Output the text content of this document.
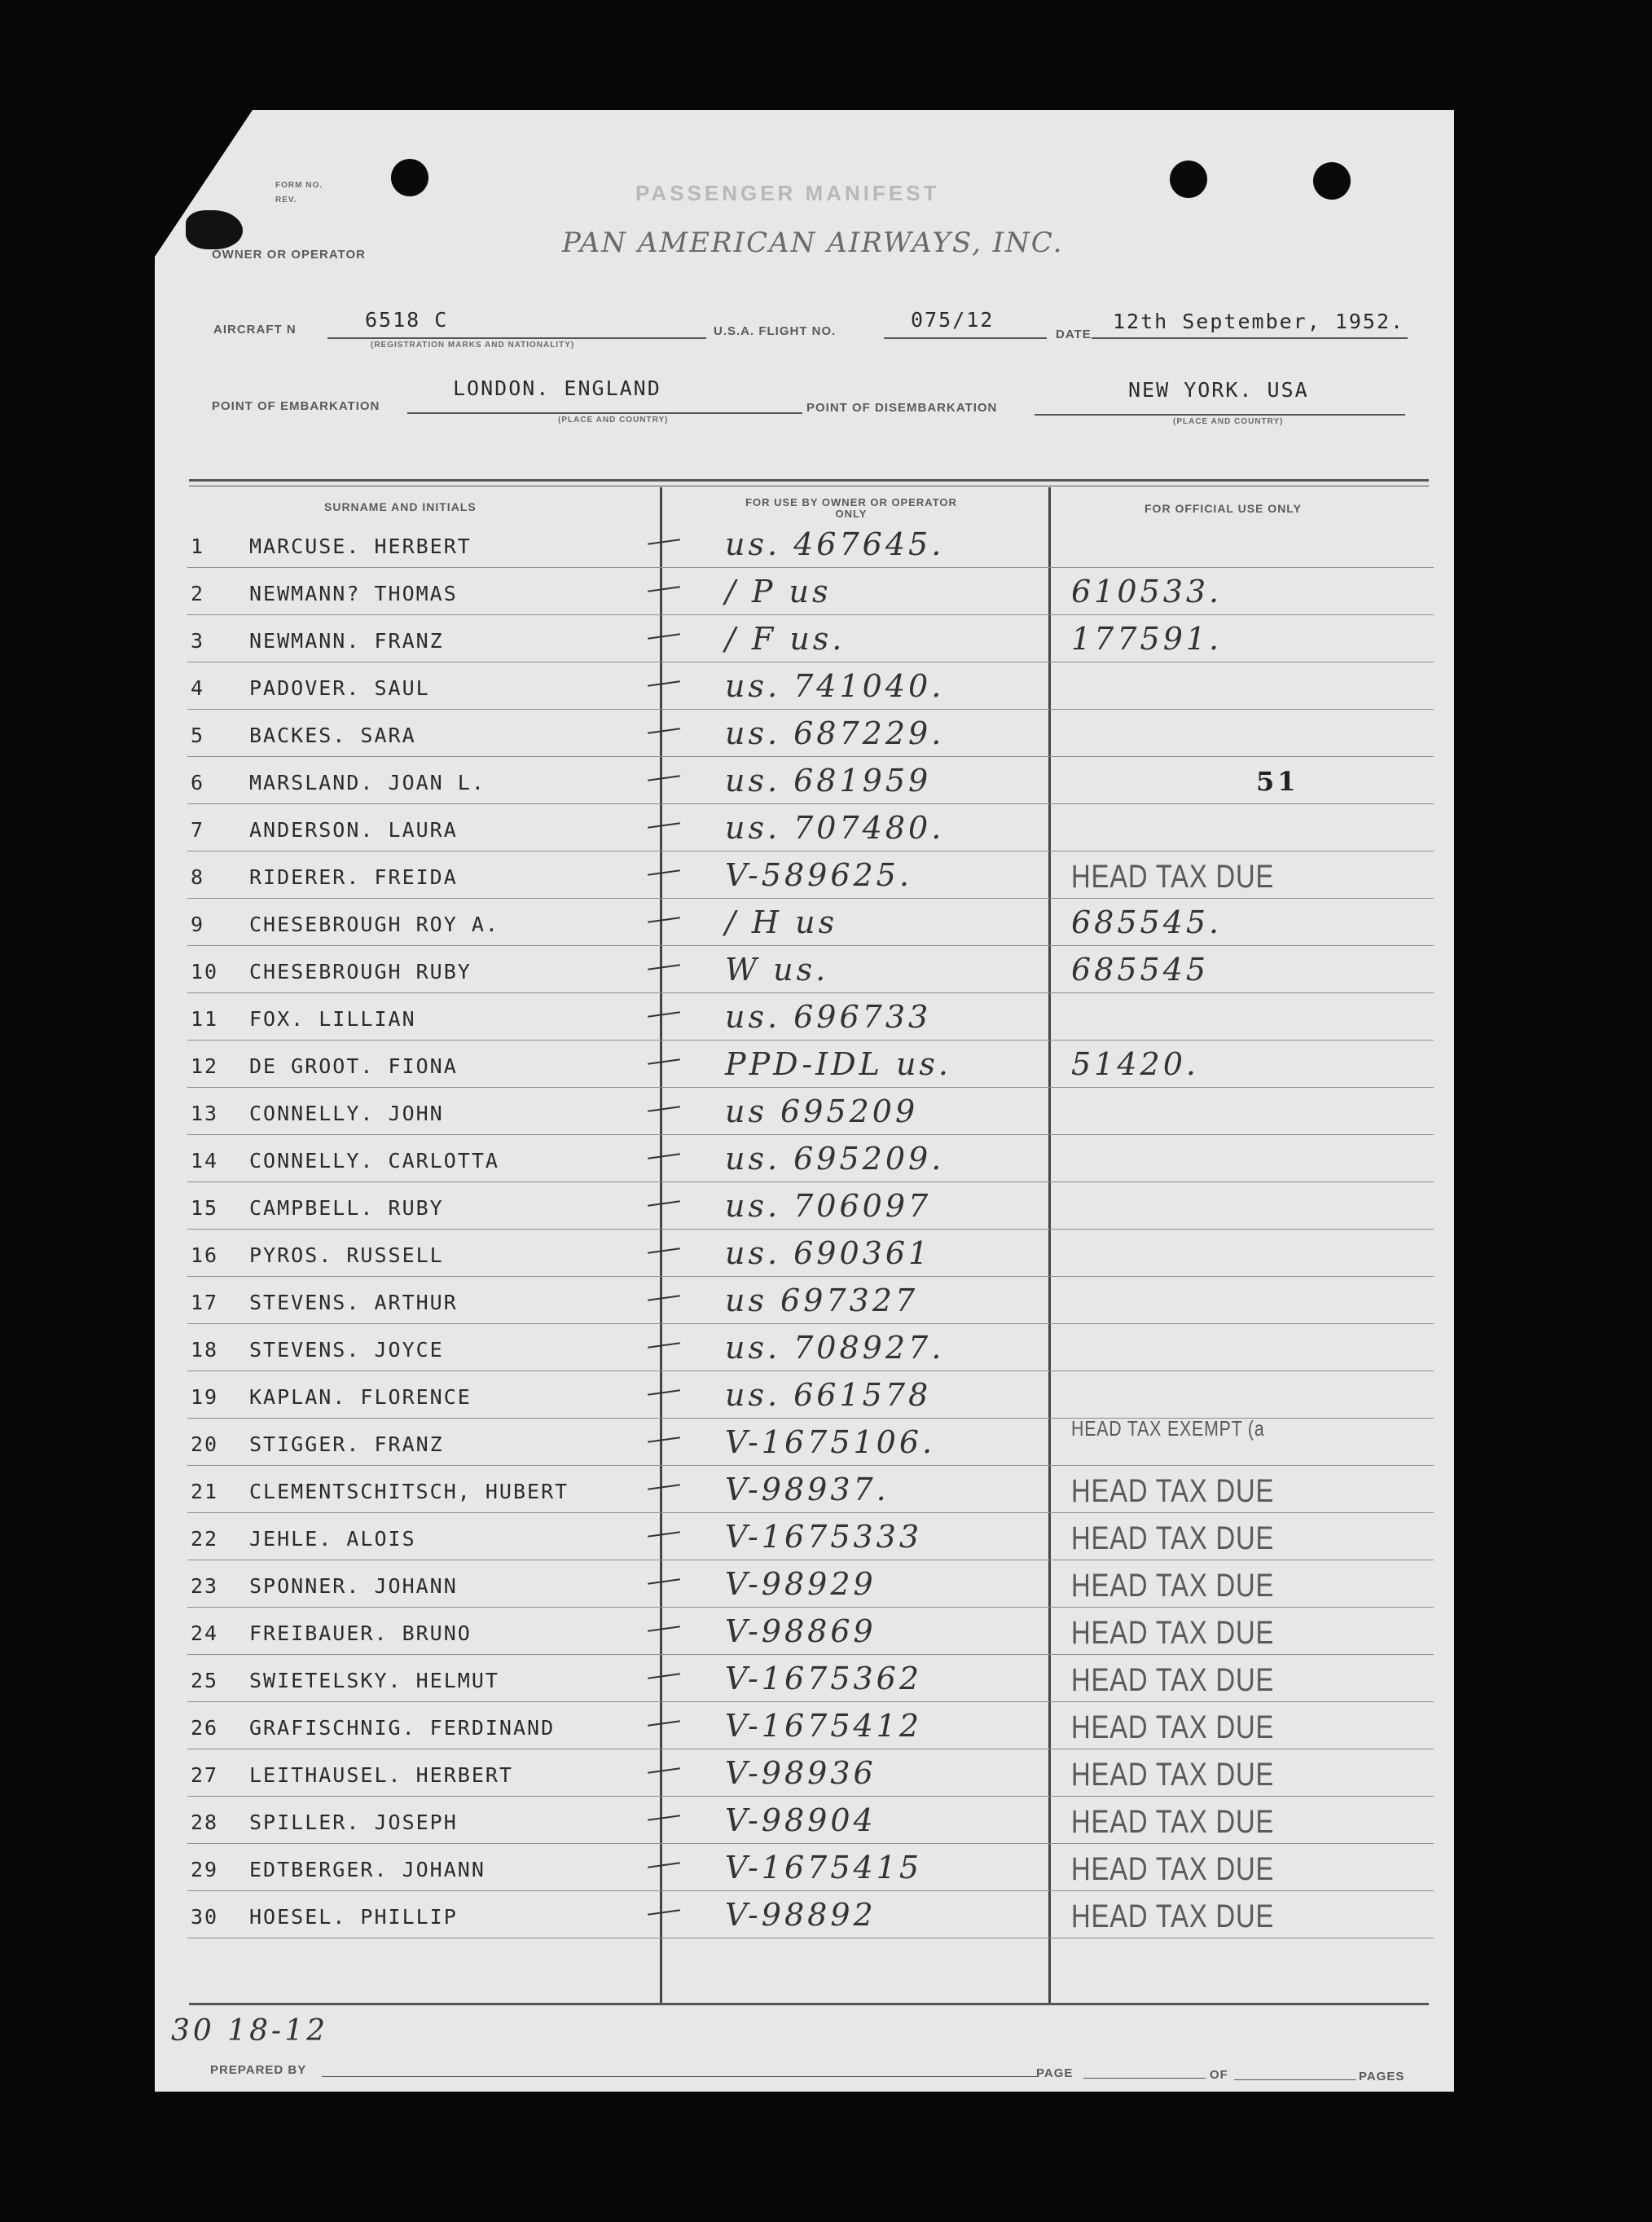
FORM NO.
REV.	PASSENGER MANIFEST
PAN AMERICAN AIRWAYS, INC.
OWNER OR OPERATOR
AIRCRAFT N	6518 C
(REGISTRATION MARKS AND NATIONALITY)
U.S.A. FLIGHT NO.	075/12
DATE
12th September, 1952.
POINT OF EMBARKATION
LONDON. ENGLAND
(PLACE AND COUNTRY)
POINT OF DISEMBARKATION
NEW YORK. USA
(PLACE AND COUNTRY)
SURNAME AND INITIALS	FOR USE BY OWNER OR OPERATOR ONLY	FOR OFFICIAL USE ONLY
1 MARCUSE. HERBERT	us. 467645.
2 NEWMANN? THOMAS	/ P us	610533.
3 NEWMANN. FRANZ	/ F us.	177591.
4 PADOVER. SAUL	us. 741040.
5 BACKES. SARA	us. 687229.
6 MARSLAND. JOAN L.	us. 681959	51
7 ANDERSON. LAURA	us. 707480.
8 RIDERER. FREIDA	V-589625.	HEAD TAX DUE
9 CHESEBROUGH ROY A.	/ H us	685545.
10 CHESEBROUGH RUBY	W us.	685545
11 FOX. LILLIAN	us. 696733
12 DE GROOT. FIONA	PPD-IDL us.	51420.
13 CONNELLY. JOHN	us 695209
14 CONNELLY. CARLOTTA	us. 695209.
15 CAMPBELL. RUBY	us. 706097
16 PYROS. RUSSELL	us. 690361
17 STEVENS. ARTHUR	us 697327
18 STEVENS. JOYCE	us. 708927.
19 KAPLAN. FLORENCE	us. 661578
20 STIGGER. FRANZ	V-1675106.	HEAD TAX EXEMPT (a
21 CLEMENTSCHITSCH, HUBERT	V-98937.	HEAD TAX DUE
22 JEHLE. ALOIS	V-1675333	HEAD TAX DUE
23 SPONNER. JOHANN	V-98929	HEAD TAX DUE
24 FREIBAUER. BRUNO	V-98869	HEAD TAX DUE
25 SWIETELSKY. HELMUT	V-1675362	HEAD TAX DUE
26 GRAFISCHNIG. FERDINAND	V-1675412	HEAD TAX DUE
27 LEITHAUSEL. HERBERT	V-98936	HEAD TAX DUE
28 SPILLER. JOSEPH	V-98904	HEAD TAX DUE
29 EDTBERGER. JOHANN	V-1675415	HEAD TAX DUE
30 HOESEL. PHILLIP	V-98892	HEAD TAX DUE
30 18-12
PREPARED BY	PAGE	OF	PAGES
